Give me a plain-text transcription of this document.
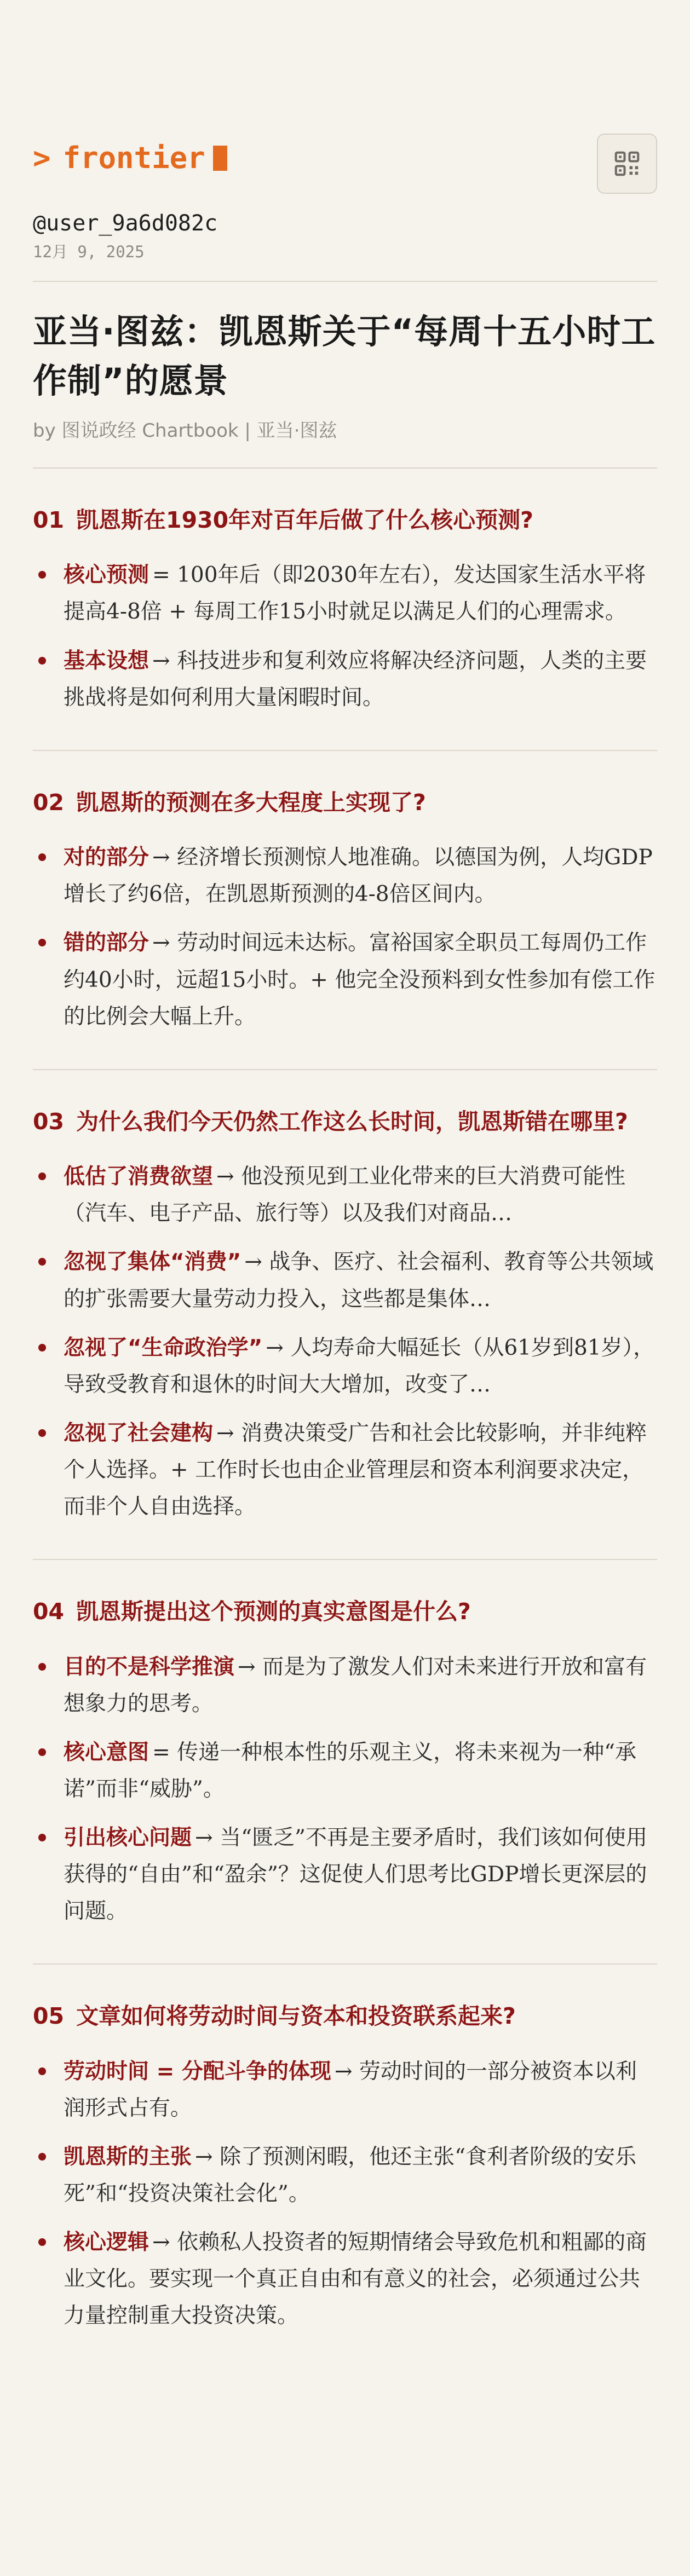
> frontier
@user_9a6d082c
12月 9, 2025
亚当·图兹：凯恩斯关于“每周十五小时工作制”的愿景
by 图说政经 Chartbook | 亚当·图兹
01 凯恩斯在1930年对百年后做了什么核心预测?
核心预测 = 100年后（即2030年左右），发达国家生活水平将提高4-8倍 + 每周工作15小时就足以满足人们的心理需求。
基本设想 → 科技进步和复利效应将解决经济问题，人类的主要挑战将是如何利用大量闲暇时间。
02 凯恩斯的预测在多大程度上实现了?
对的部分 → 经济增长预测惊人地准确。以德国为例，人均GDP增长了约6倍，在凯恩斯预测的4-8倍区间内。
错的部分 → 劳动时间远未达标。富裕国家全职员工每周仍工作约40小时，远超15小时。+ 他完全没预料到女性参加有偿工作的比例会大幅上升。
03 为什么我们今天仍然工作这么长时间，凯恩斯错在哪里?
低估了消费欲望 → 他没预见到工业化带来的巨大消费可能性（汽车、电子产品、旅行等）以及我们对商品…
忽视了集体“消费” → 战争、医疗、社会福利、教育等公共领域的扩张需要大量劳动力投入，这些都是集体…
忽视了“生命政治学” → 人均寿命大幅延长（从61岁到81岁），导致受教育和退休的时间大大增加，改变了…
忽视了社会建构 → 消费决策受广告和社会比较影响，并非纯粹个人选择。+ 工作时长也由企业管理层和资本利润要求决定，而非个人自由选择。
04 凯恩斯提出这个预测的真实意图是什么?
目的不是科学推演 → 而是为了激发人们对未来进行开放和富有想象力的思考。
核心意图 = 传递一种根本性的乐观主义，将未来视为一种“承诺”而非“威胁”。
引出核心问题 → 当“匮乏”不再是主要矛盾时，我们该如何使用获得的“自由”和“盈余”？这促使人们思考比GDP增长更深层的问题。
05 文章如何将劳动时间与资本和投资联系起来?
劳动时间 = 分配斗争的体现 → 劳动时间的一部分被资本以利润形式占有。
凯恩斯的主张 → 除了预测闲暇，他还主张“食利者阶级的安乐死”和“投资决策社会化”。
核心逻辑 → 依赖私人投资者的短期情绪会导致危机和粗鄙的商业文化。要实现一个真正自由和有意义的社会，必须通过公共力量控制重大投资决策。
